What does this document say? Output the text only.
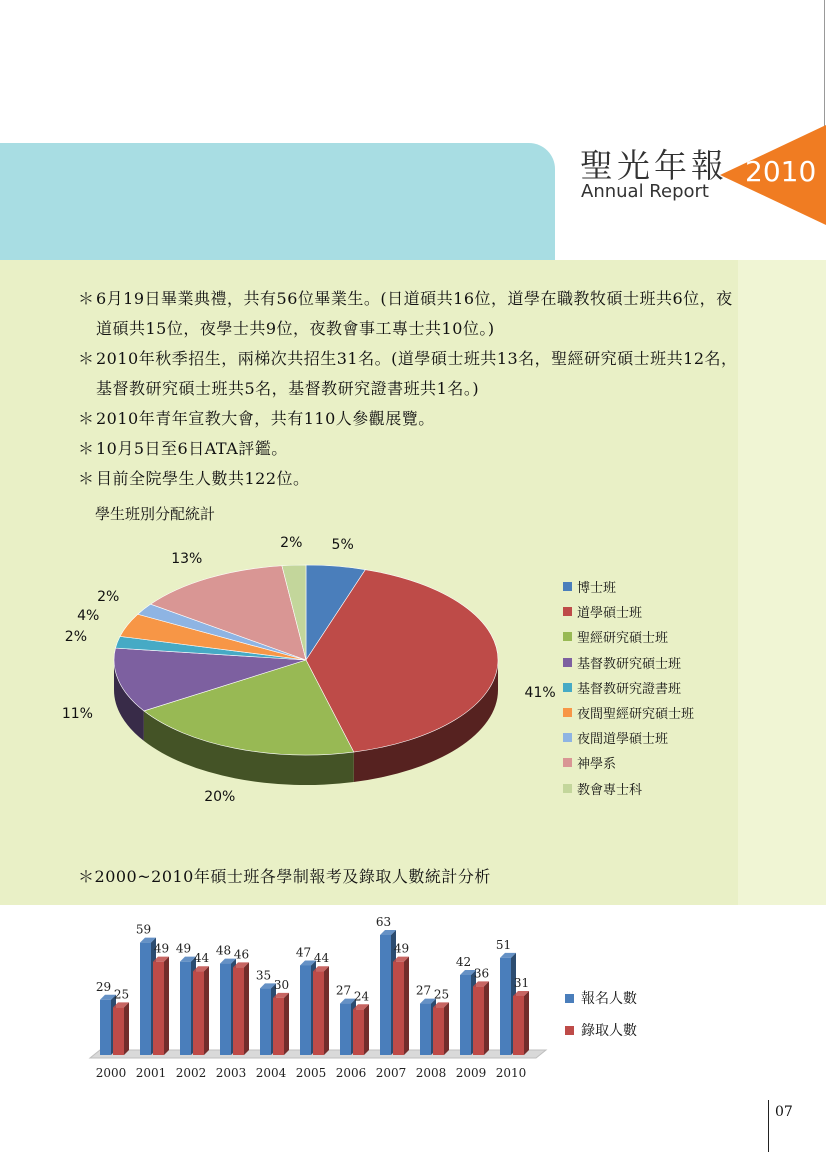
聖光年報
Annual Report
2010
＊6月19日畢業典禮，共有56位畢業生。(日道碩共16位，道學在職教牧碩士班共6位，夜道碩共15位，夜學士共9位，夜教會事工專士共10位。)
＊2010年秋季招生，兩梯次共招生31名。(道學碩士班共13名，聖經研究碩士班共12名，基督教研究碩士班共5名，基督教研究證書班共1名。)
＊2010年青年宣教大會，共有110人參觀展覽。
＊10月5日至6日ATA評鑑。
＊目前全院學生人數共122位。
學生班別分配統計
博士班
道學碩士班
聖經研究碩士班
基督教研究碩士班
基督教研究證書班
夜間聖經研究碩士班
夜間道學碩士班
神學系
教會專士科
5%
41%
20%
11%
2%
4%
2%
13%
2%
＊2000~2010年碩士班各學制報考及錄取人數統計分析
29
25
2000
59
49
2001
49
44
2002
48 46
2003
35
30
2004
47 44
2005
27 24
2006
63
49
2007
27 25
2008
42
36
2009
51
31
2010
報名人數
錄取人數
07
